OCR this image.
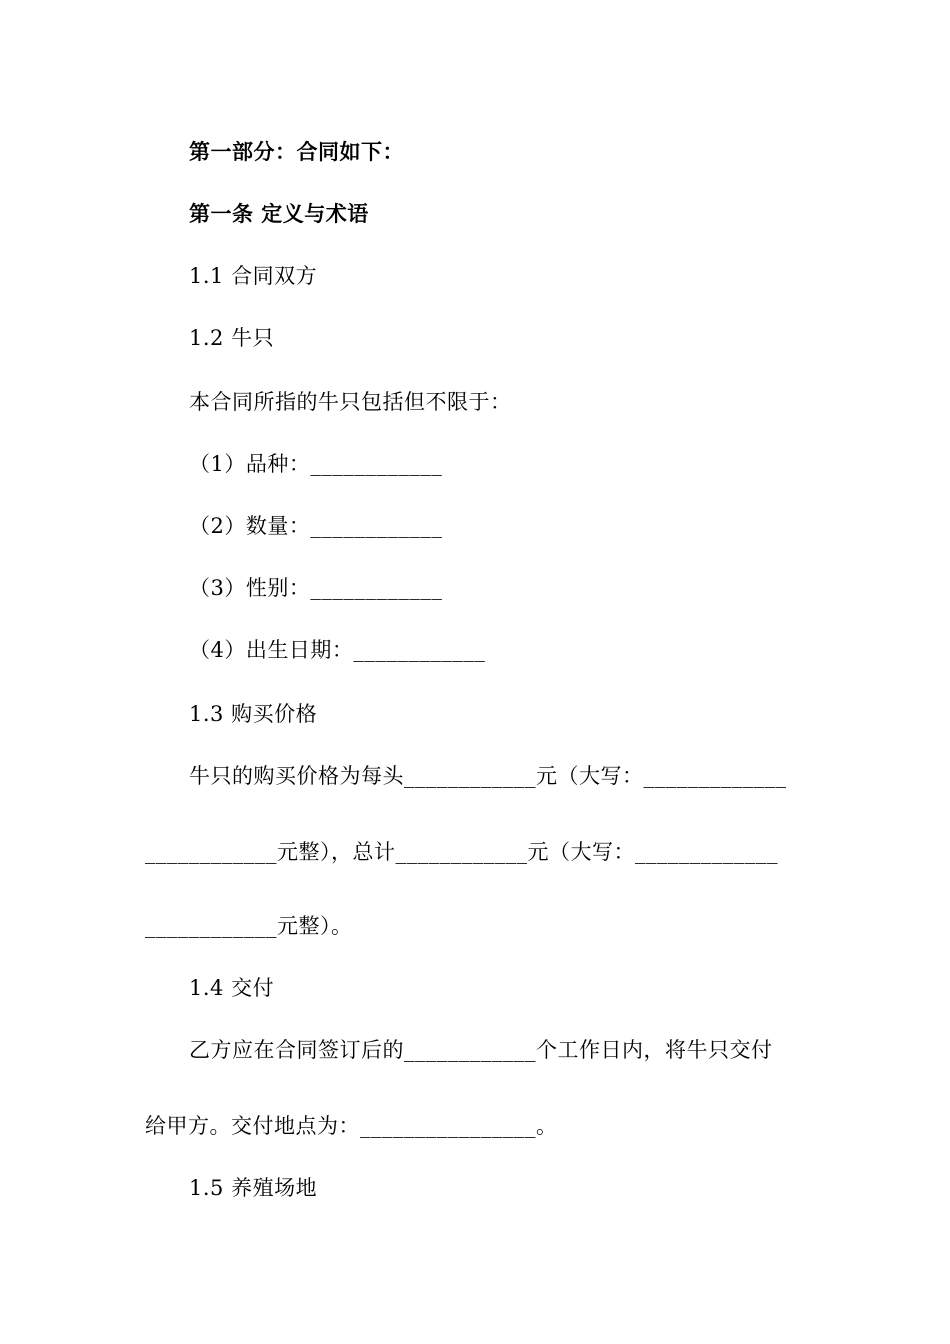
第一部分：合同如下：
第一条 定义与术语
1.1 合同双方
1.2 牛只
本合同所指的牛只包括但不限于：
（1）品种：____________
（2）数量：____________
（3）性别：____________
（4）出生日期：____________
1.3 购买价格
牛只的购买价格为每头____________元（大写：_____________
____________元整），总计____________元（大写：_____________
____________元整）。
1.4 交付
乙方应在合同签订后的____________个工作日内，将牛只交付
给甲方。交付地点为：________________。
1.5 养殖场地
